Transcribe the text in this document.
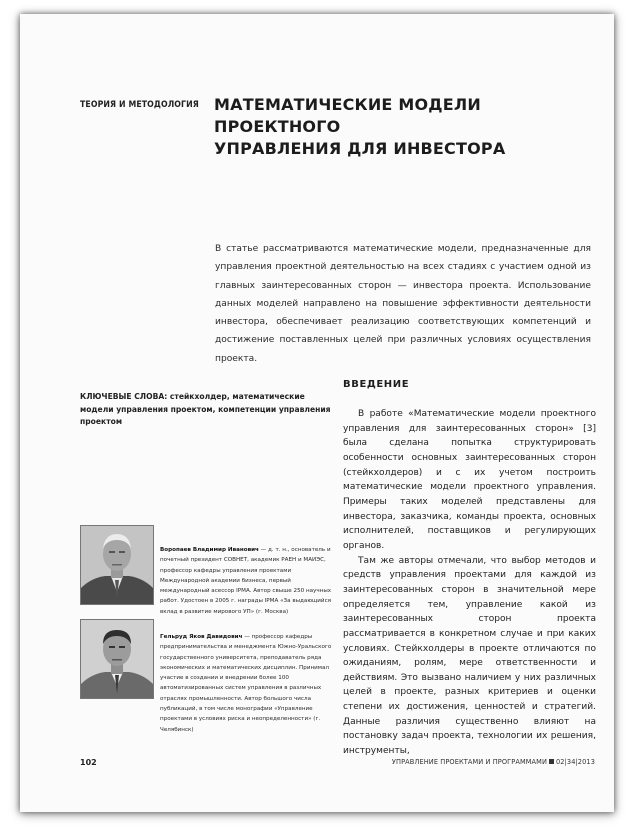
ТЕОРИЯ И МЕТОДОЛОГИЯ МАТЕМАТИЧЕСКИЕ МОДЕЛИ ПРОЕКТНОГО
УПРАВЛЕНИЯ ДЛЯ ИНВЕСТОРА
В статье рассматриваются математические модели, предназначенные для управления проектной деятельностью на всех стадиях с участием одной из главных заинтересованных сторон — инвестора проекта. Использование данных моделей направлено на повышение эффективности деятельности инвестора, обеспечивает реализацию соответствующих компетенций и достижение поставленных целей при различных условиях осуществления проекта.
КЛЮЧЕВЫЕ СЛОВА: стейкхолдер, математические модели управления проектом, компетенции управления проектом
ВВЕДЕНИЕ

В работе «Математические модели проектного управления для заинтересованных сторон» [3] была сделана попытка структурировать особенности основных заинтересованных сторон (стейкхолдеров) и с их учетом построить математические модели проектного управления. Примеры таких моделей представлены для инвестора, заказчика, команды проекта, основных исполнителей, поставщиков и регулирующих органов.

Там же авторы отмечали, что выбор методов и средств управления проектами для каждой из заинтересованных сторон в значительной мере определяется тем, управление какой из заинтересованных сторон проекта рассматривается в конкретном случае и при каких условиях. Стейкхолдеры в проекте отличаются по ожиданиям, ролям, мере ответственности и действиям. Это вызвано наличием у них различных целей в проекте, разных критериев и оценки степени их достижения, ценностей и стратегий. Данные различия существенно влияют на постановку задач проекта, технологии их решения, инструменты,

Воропаев Владимир Иванович — д. т. н., основатель и почетный президент СОВНЕТ, академик РАЕН и МАИЭС, профессор кафедры управления проектами Международной академии бизнеса, первый международный асессор IPMA. Автор свыше 250 научных работ. Удостоен в 2005 г. награды IPMA «За выдающийся вклад в развитие мирового УП» (г. Москва)
Гельруд Яков Давидович — профессор кафедры предпринимательства и менеджмента Южно-Уральского государственного университета, преподаватель ряда экономических и математических дисциплин. Принимал участие в создании и внедрении более 100 автоматизированных систем управления в различных отраслях промышленности. Автор большого числа публикаций, в том числе монографии «Управление проектами в условиях риска и неопределенности» (г. Челябинск)
102	УПРАВЛЕНИЕ ПРОЕКТАМИ И ПРОГРАММАМИ 02|34|2013
